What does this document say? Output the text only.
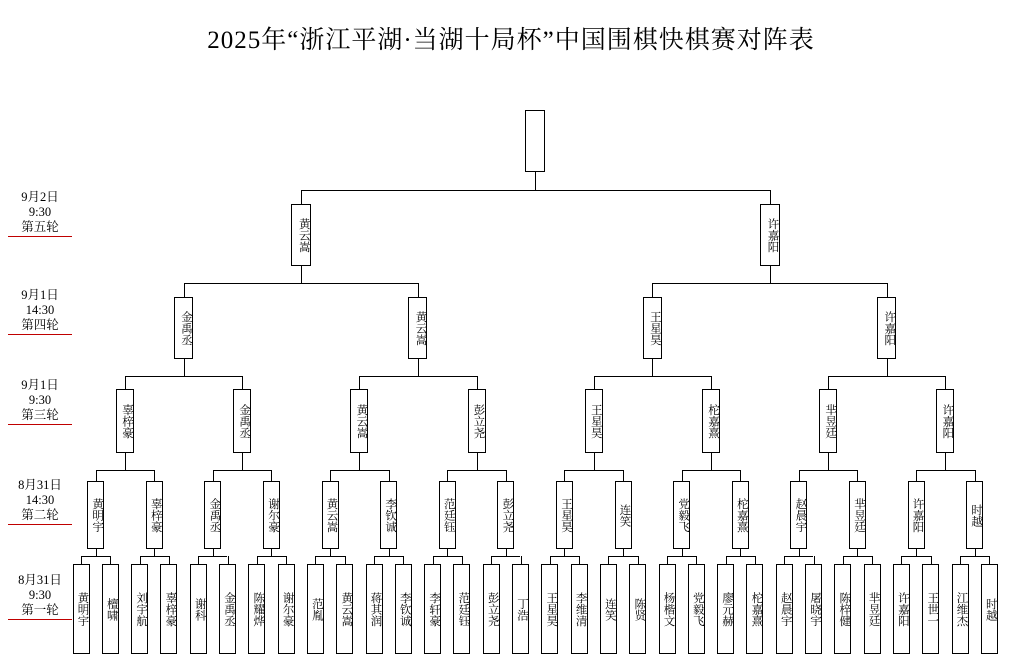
2025年“浙江平湖·当湖十局杯”中国围棋快棋赛对阵表
9月2日
9:30
第五轮
9月1日
14:30
第四轮
9月1日
9:30
第三轮
8月31日
14:30
第二轮
8月31日
9:30
第一轮	黄明宇	檀啸	刘宇航	辜梓豪	谢科	金禹丞	陈耀烨	谢尔豪	范胤	黄云嵩	蒋其润	李钦诚	李轩豪	范廷钰	彭立尧	丁浩	王星昊	李维清	连笑	陈贤	杨楷文	党毅飞	廖元赫	柁嘉熹	赵晨宇	屠晓宇	陈梓健	芈昱廷	许嘉阳	王世一	江维杰	时越
黄明宇	辜梓豪	金禹丞	谢尔豪	黄云嵩	李钦诚	范廷钰	彭立尧	王星昊	连笑	党毅飞	柁嘉熹	赵晨宇	芈昱廷	许嘉阳	时越
辜梓豪	金禹丞	黄云嵩	彭立尧	王星昊	柁嘉熹	芈昱廷	许嘉阳
金禹丞	黄云嵩	王星昊	许嘉阳
黄云嵩	许嘉阳
